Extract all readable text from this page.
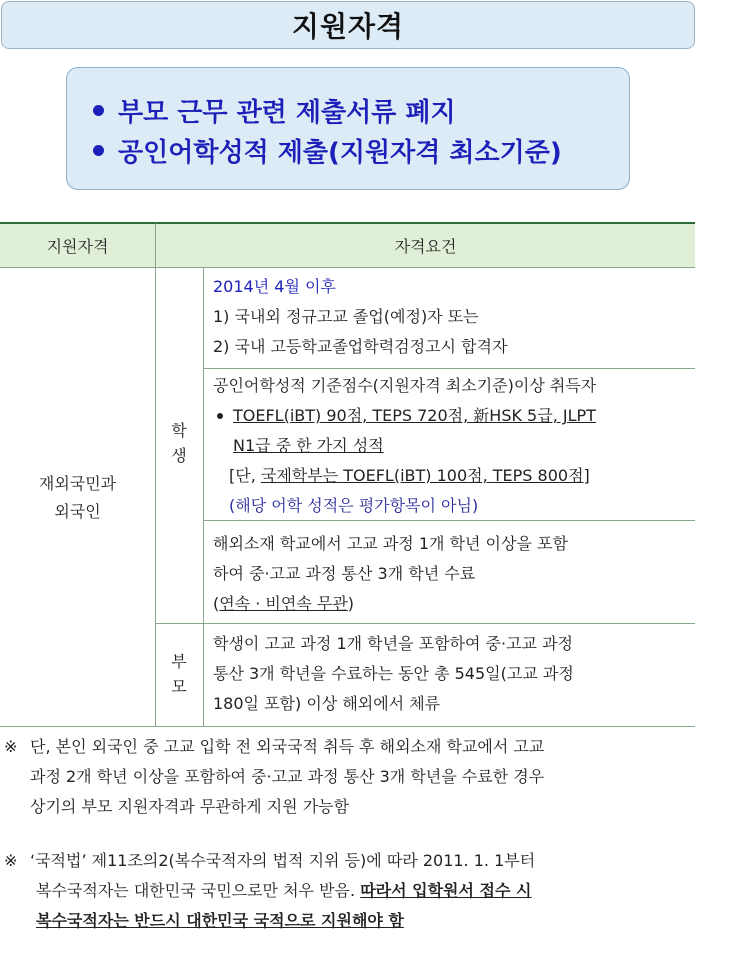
지원자격
부모 근무 관련 제출서류 폐지
공인어학성적 제출(지원자격 최소기준)
지원자격	자격요건
재외국민과
외국인
학
생
부
모
2014년 4월 이후
1) 국내외 정규고교 졸업(예정)자 또는
2) 국내 고등학교졸업학력검정고시 합격자
공인어학성적 기준점수(지원자격 최소기준)이상 취득자
TOEFL(iBT) 90점, TEPS 720점, 新HSK 5급, JLPT
N1급 중 한 가지 성적
[단, 국제학부는 TOEFL(iBT) 100점, TEPS 800점]
(해당 어학 성적은 평가항목이 아님)
해외소재 학교에서 고교 과정 1개 학년 이상을 포함
하여 중·고교 과정 통산 3개 학년 수료
(연속 · 비연속 무관)
학생이 고교 과정 1개 학년을 포함하여 중·고교 과정
통산 3개 학년을 수료하는 동안 총 545일(고교 과정
180일 포함) 이상 해외에서 체류
※ 단, 본인 외국인 중 고교 입학 전 외국국적 취득 후 해외소재 학교에서 고교
과정 2개 학년 이상을 포함하여 중·고교 과정 통산 3개 학년을 수료한 경우
상기의 부모 지원자격과 무관하게 지원 가능함
※ ‘국적법’ 제11조의2(복수국적자의 법적 지위 등)에 따라 2011. 1. 1부터
복수국적자는 대한민국 국민으로만 처우 받음. 따라서 입학원서 접수 시
복수국적자는 반드시 대한민국 국적으로 지원해야 함
